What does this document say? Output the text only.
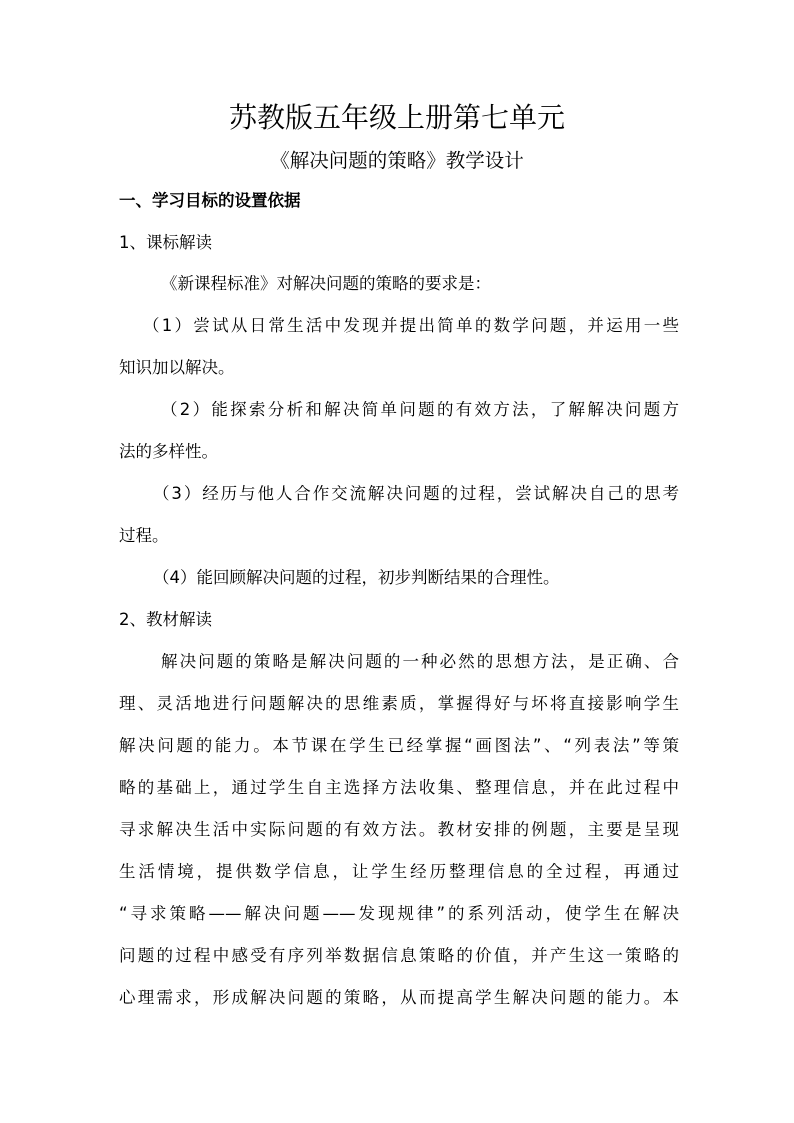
苏教版五年级上册第七单元
《解决问题的策略》教学设计
一、学习目标的设置依据
1、课标解读
《新课程标准》对解决问题的策略的要求是：
（1）尝试从日常生活中发现并提出简单的数学问题，并运用一些
知识加以解决。
（2）能探索分析和解决简单问题的有效方法，了解解决问题方
法的多样性。
（3）经历与他人合作交流解决问题的过程，尝试解决自己的思考
过程。
（4）能回顾解决问题的过程，初步判断结果的合理性。
2、教材解读
解决问题的策略是解决问题的一种必然的思想方法，是正确、合
理、灵活地进行问题解决的思维素质，掌握得好与坏将直接影响学生
解决问题的能力。本节课在学生已经掌握“画图法”、“列表法”等策
略的基础上，通过学生自主选择方法收集、整理信息，并在此过程中
寻求解决生活中实际问题的有效方法。教材安排的例题，主要是呈现
生活情境，提供数学信息，让学生经历整理信息的全过程，再通过
“寻求策略——解决问题——发现规律”的系列活动，使学生在解决
问题的过程中感受有序列举数据信息策略的价值，并产生这一策略的
心理需求，形成解决问题的策略，从而提高学生解决问题的能力。本
